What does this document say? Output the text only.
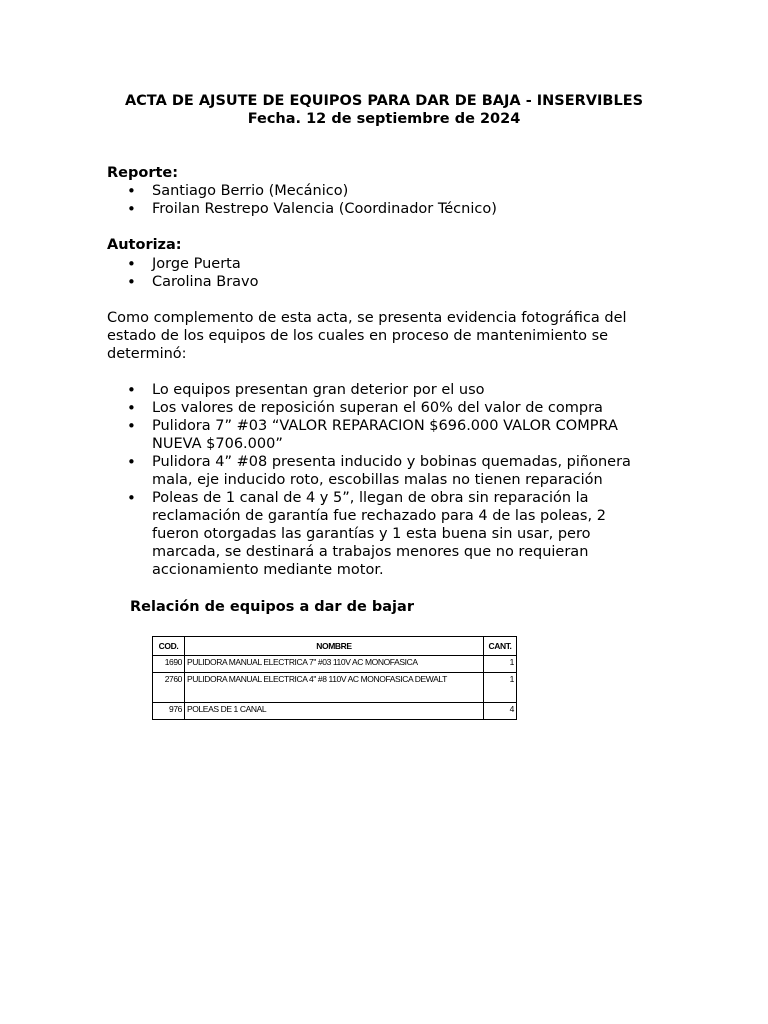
ACTA DE AJSUTE DE EQUIPOS PARA DAR DE BAJA - INSERVIBLES

Fecha. 12 de septiembre de 2024

Reporte:

• Santiago Berrio (Mecánico)
• Froilan Restrepo Valencia (Coordinador Técnico)

Autoriza:

• Jorge Puerta
• Carolina Bravo

Como complemento de esta acta, se presenta evidencia fotográfica del estado de los equipos de los cuales en proceso de mantenimiento se determinó:

• Lo equipos presentan gran deterior por el uso
• Los valores de reposición superan el 60% del valor de compra
• Pulidora 7” #03 “VALOR REPARACION $696.000 VALOR COMPRA NUEVA $706.000”
• Pulidora 4” #08 presenta inducido y bobinas quemadas, piñonera mala, eje inducido roto, escobillas malas no tienen reparación
• Poleas de 1 canal de 4 y 5”, llegan de obra sin reparación la reclamación de garantía fue rechazado para 4 de las poleas, 2 fueron otorgadas las garantías y 1 esta buena sin usar, pero marcada, se destinará a trabajos menores que no requieran accionamiento mediante motor.

Relación de equipos a dar de bajar

COD.	NOMBRE	CANT.
1690	PULIDORA MANUAL ELECTRICA 7" #03 110V AC MONOFASICA	1
2760	PULIDORA MANUAL ELECTRICA 4" #8 110V AC MONOFASICA DEWALT	1
976	POLEAS DE 1 CANAL	4
